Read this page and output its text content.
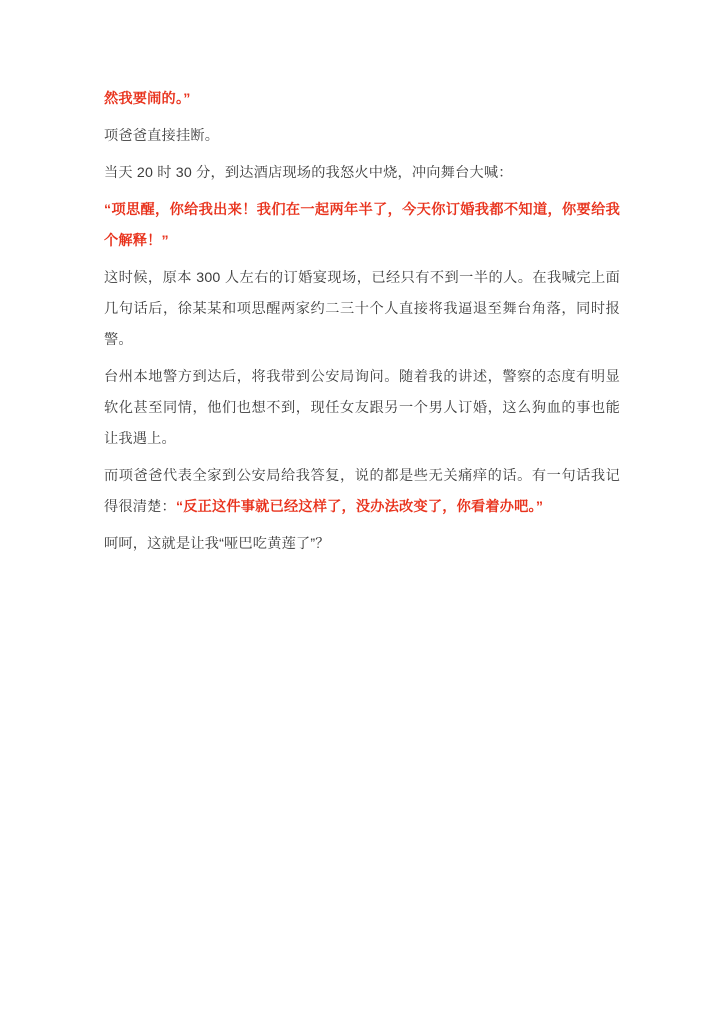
然我要闹的。”

项爸爸直接挂断。

当天 20 时 30 分，到达酒店现场的我怒火中烧，冲向舞台大喊：

“项思醒，你给我出来！我们在一起两年半了，今天你订婚我都不知道，你要给我个解释！”

这时候，原本 300 人左右的订婚宴现场，已经只有不到一半的人。在我喊完上面几句话后，徐某某和项思醒两家约二三十个人直接将我逼退至舞台角落，同时报警。

台州本地警方到达后，将我带到公安局询问。随着我的讲述，警察的态度有明显软化甚至同情，他们也想不到，现任女友跟另一个男人订婚，这么狗血的事也能让我遇上。

而项爸爸代表全家到公安局给我答复，说的都是些无关痛痒的话。有一句话我记得很清楚：“反正这件事就已经这样了，没办法改变了，你看着办吧。”

呵呵，这就是让我“哑巴吃黄莲了”？
